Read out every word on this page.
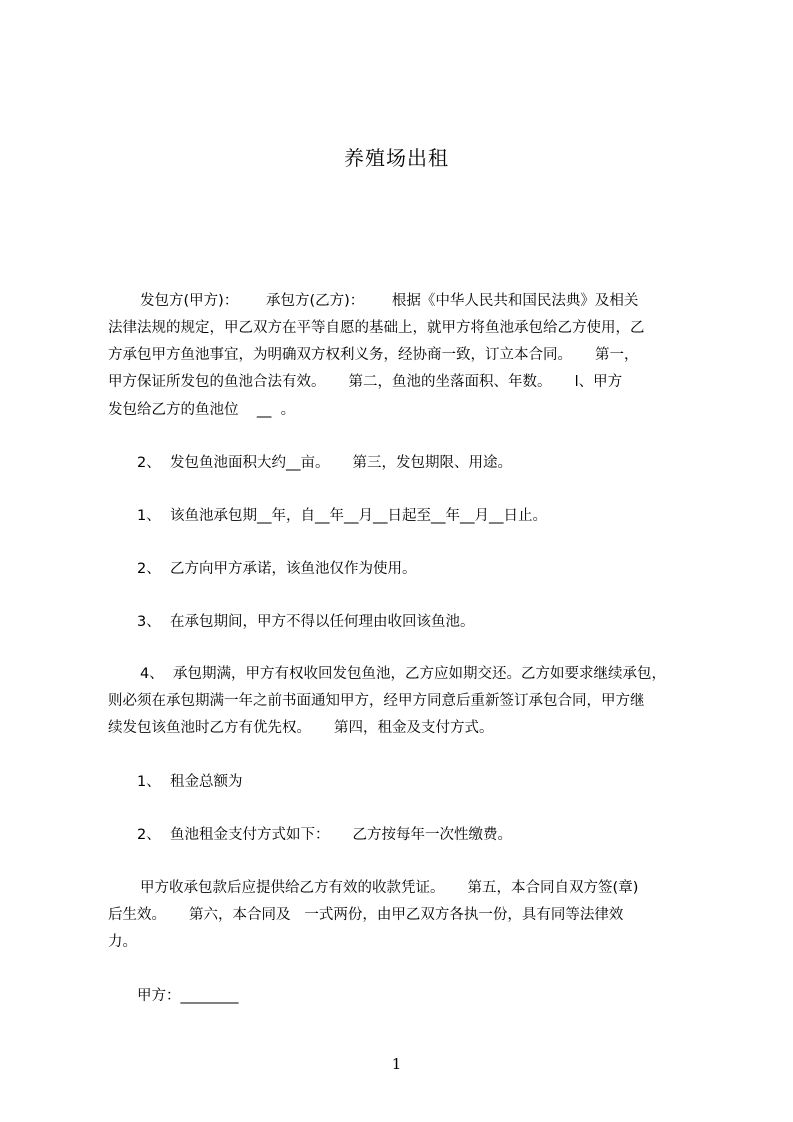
养殖场出租
发包方(甲方)：      承包方(乙方)：      根据《中华人民共和国民法典》及相关
法律法规的规定，甲乙双方在平等自愿的基础上，就甲方将鱼池承包给乙方使用，乙
方承包甲方鱼池事宜，为明确双方权利义务，经协商一致，订立本合同。     第一，
甲方保证所发包的鱼池合法有效。     第二，鱼池的坐落面积、年数。     l、甲方
发包给乙方的鱼池位    __  。
2、  发包鱼池面积大约__亩。     第三，发包期限、用途。
1、  该鱼池承包期__年，自__年__月__日起至__年__月__日止。
2、  乙方向甲方承诺，该鱼池仅作为使用。
3、  在承包期间，甲方不得以任何理由收回该鱼池。
4、  承包期满，甲方有权收回发包鱼池，乙方应如期交还。乙方如要求继续承包，
则必须在承包期满一年之前书面通知甲方，经甲方同意后重新签订承包合同，甲方继
续发包该鱼池时乙方有优先权。     第四，租金及支付方式。
1、  租金总额为
2、  鱼池租金支付方式如下：     乙方按每年一次性缴费。
甲方收承包款后应提供给乙方有效的收款凭证。     第五，本合同自双方签(章)
后生效。     第六，本合同及   一式两份，由甲乙双方各执一份，具有同等法律效
力。
甲方：________
1
